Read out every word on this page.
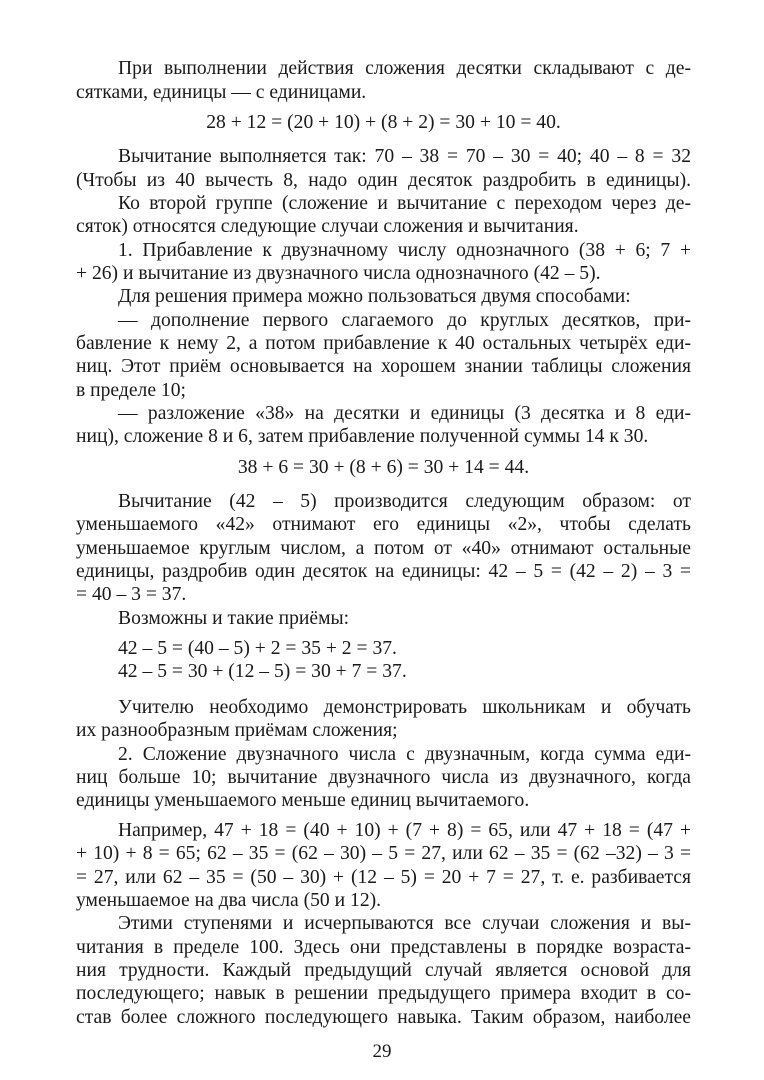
При выполнении действия сложения десятки складывают с де-
сятками, единицы — с единицами.
28 + 12 = (20 + 10) + (8 + 2) = 30 + 10 = 40.
Вычитание выполняется так: 70 – 38 = 70 – 30 = 40; 40 – 8 = 32
(Чтобы из 40 вычесть 8, надо один десяток раздробить в единицы).
Ко второй группе (сложение и вычитание с переходом через де-
сяток) относятся следующие случаи сложения и вычитания.
1. Прибавление к двузначному числу однозначного (38 + 6; 7 +
+ 26) и вычитание из двузначного числа однозначного (42 – 5).
Для решения примера можно пользоваться двумя способами:
— дополнение первого слагаемого до круглых десятков, при-
бавление к нему 2, а потом прибавление к 40 остальных четырёх еди-
ниц. Этот приём основывается на хорошем знании таблицы сложения
в пределе 10;
— разложение «38» на десятки и единицы (3 десятка и 8 еди-
ниц), сложение 8 и 6, затем прибавление полученной суммы 14 к 30.
38 + 6 = 30 + (8 + 6) = 30 + 14 = 44.
Вычитание (42 – 5) производится следующим образом: от
уменьшаемого «42» отнимают его единицы «2», чтобы сделать
уменьшаемое круглым числом, а потом от «40» отнимают остальные
единицы, раздробив один десяток на единицы: 42 – 5 = (42 – 2) – 3 =
= 40 – 3 = 37.
Возможны и такие приёмы:
42 – 5 = (40 – 5) + 2 = 35 + 2 = 37.
42 – 5 = 30 + (12 – 5) = 30 + 7 = 37.
Учителю необходимо демонстрировать школьникам и обучать
их разнообразным приёмам сложения;
2. Сложение двузначного числа с двузначным, когда сумма еди-
ниц больше 10; вычитание двузначного числа из двузначного, когда
единицы уменьшаемого меньше единиц вычитаемого.
Например, 47 + 18 = (40 + 10) + (7 + 8) = 65, или 47 + 18 = (47 +
+ 10) + 8 = 65; 62 – 35 = (62 – 30) – 5 = 27, или 62 – 35 = (62 –32) – 3 =
= 27, или 62 – 35 = (50 – 30) + (12 – 5) = 20 + 7 = 27, т. е. разбивается
уменьшаемое на два числа (50 и 12).
Этими ступенями и исчерпываются все случаи сложения и вы-
читания в пределе 100. Здесь они представлены в порядке возраста-
ния трудности. Каждый предыдущий случай является основой для
последующего; навык в решении предыдущего примера входит в со-
став более сложного последующего навыка. Таким образом, наиболее
29
